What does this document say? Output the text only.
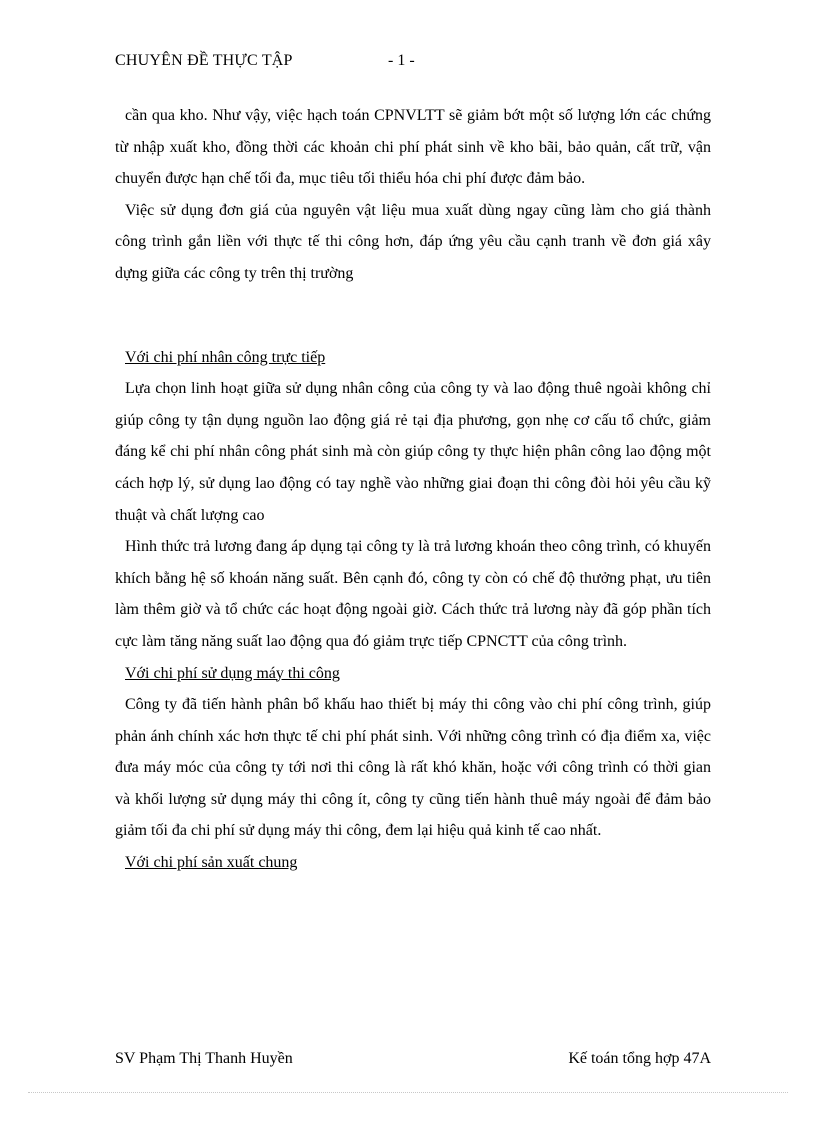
CHUYÊN ĐỀ THỰC TẬP	- 1 -

cần qua kho. Như vậy, việc hạch toán CPNVLTT sẽ giảm bớt một số lượng lớn các chứng từ nhập xuất kho, đồng thời các khoản chi phí phát sinh về kho bãi, bảo quản, cất trữ, vận chuyển được hạn chế tối đa, mục tiêu tối thiểu hóa chi phí được đảm bảo.

Việc sử dụng đơn giá của nguyên vật liệu mua xuất dùng ngay cũng làm cho giá thành công trình gắn liền với thực tế thi công hơn, đáp ứng yêu cầu cạnh tranh về đơn giá xây dựng giữa các công ty trên thị trường

Với chi phí nhân công trực tiếp

Lựa chọn linh hoạt giữa sử dụng nhân công của công ty và lao động thuê ngoài không chỉ giúp công ty tận dụng nguồn lao động giá rẻ tại địa phương, gọn nhẹ cơ cấu tổ chức, giảm đáng kể chi phí nhân công phát sinh mà còn giúp công ty thực hiện phân công lao động một cách hợp lý, sử dụng lao động có tay nghề vào những giai đoạn thi công đòi hỏi yêu cầu kỹ thuật và chất lượng cao

Hình thức trả lương đang áp dụng tại công ty là trả lương khoán theo công trình, có khuyến khích bằng hệ số khoán năng suất. Bên cạnh đó, công ty còn có chế độ thưởng phạt, ưu tiên làm thêm giờ và tổ chức các hoạt động ngoài giờ. Cách thức trả lương này đã góp phần tích cực làm tăng năng suất lao động qua đó giảm trực tiếp CPNCTT của công trình.

Với chi phí sử dụng máy thi công

Công ty đã tiến hành phân bổ khấu hao thiết bị máy thi công vào chi phí công trình, giúp phản ánh chính xác hơn thực tế chi phí phát sinh. Với những công trình có địa điểm xa, việc đưa máy móc của công ty tới nơi thi công là rất khó khăn, hoặc với công trình có thời gian và khối lượng sử dụng máy thi công ít, công ty cũng tiến hành thuê máy ngoài để đảm bảo giảm tối đa chi phí sử dụng máy thi công, đem lại hiệu quả kinh tế cao nhất.

Với chi phí sản xuất chung

SV Phạm Thị Thanh Huyền	Kế toán tổng hợp 47A
